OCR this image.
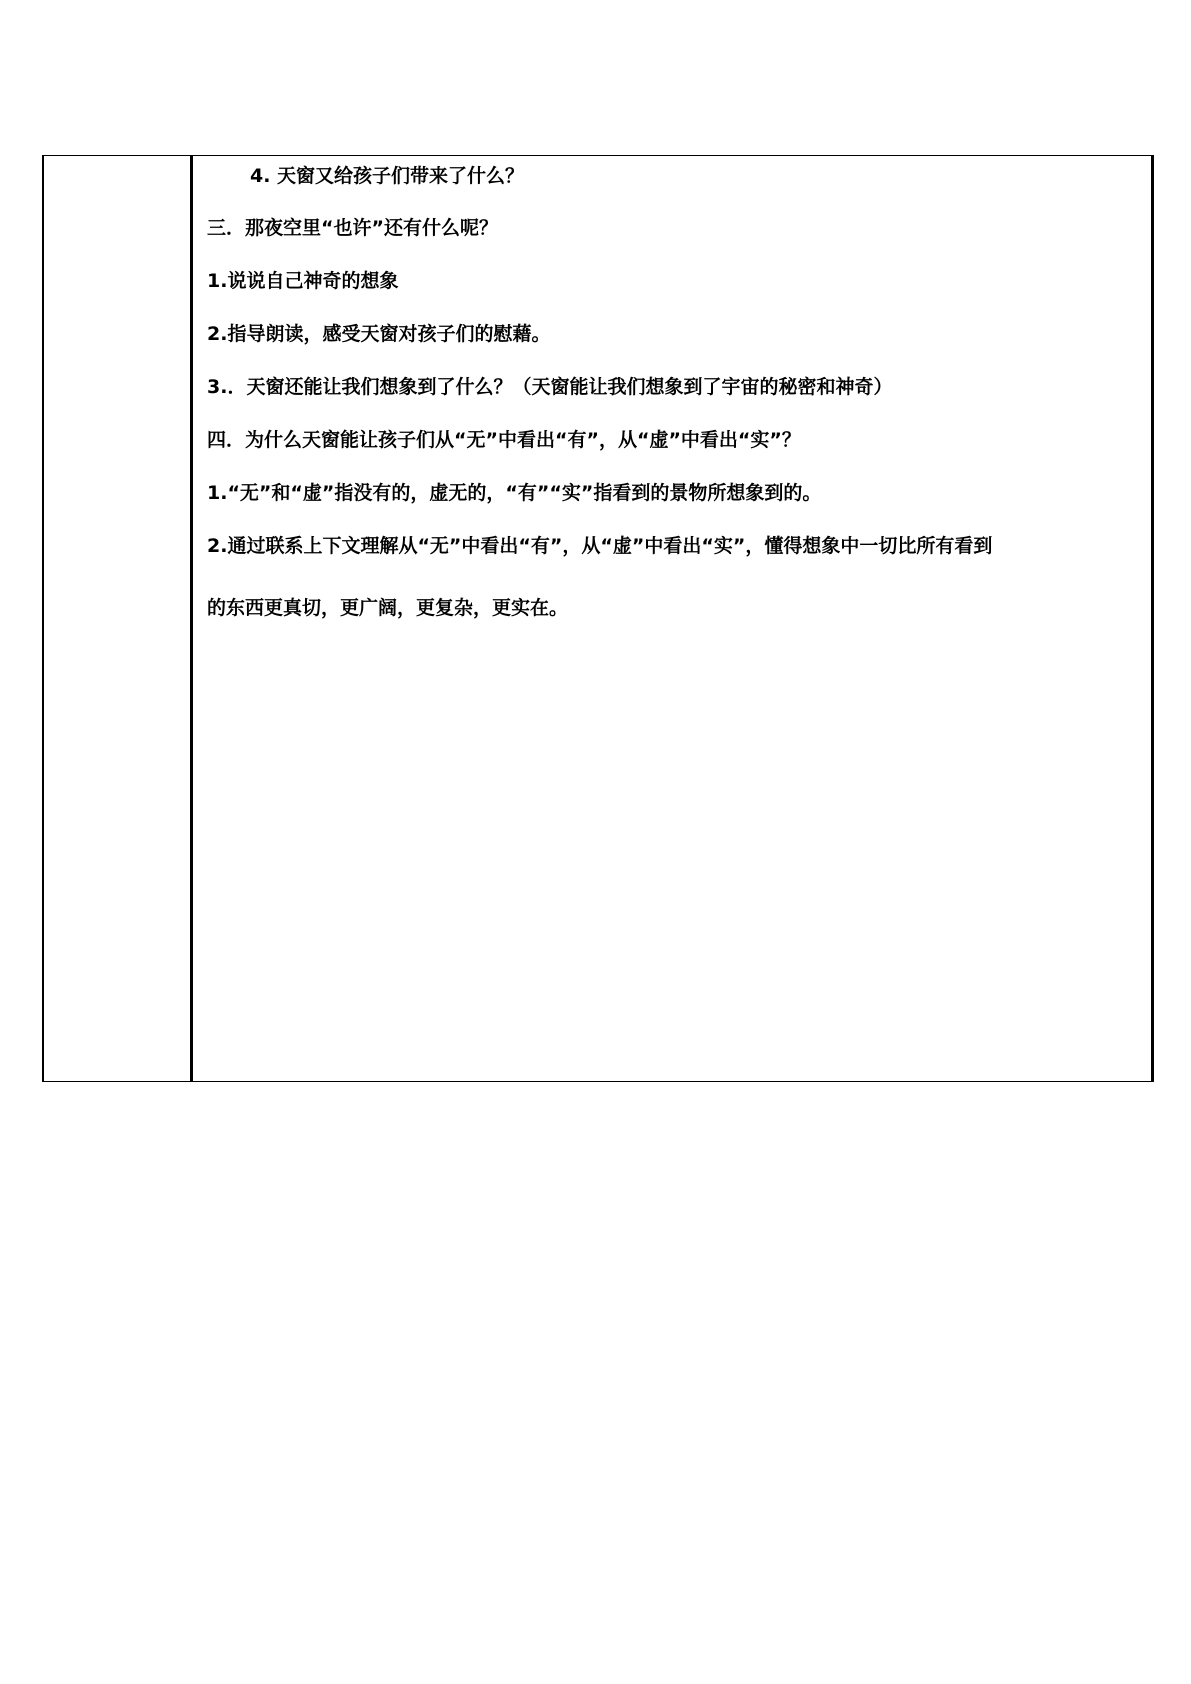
4. 天窗又给孩子们带来了什么？
三．那夜空里“也许”还有什么呢？
1.说说自己神奇的想象
2.指导朗读，感受天窗对孩子们的慰藉。
3.．天窗还能让我们想象到了什么？（天窗能让我们想象到了宇宙的秘密和神奇）
四．为什么天窗能让孩子们从“无”中看出“有”，从“虚”中看出“实”？
1.“无”和“虚”指没有的，虚无的，“有”“实”指看到的景物所想象到的。
2.通过联系上下文理解从“无”中看出“有”，从“虚”中看出“实”，懂得想象中一切比所有看到
的东西更真切，更广阔，更复杂，更实在。
